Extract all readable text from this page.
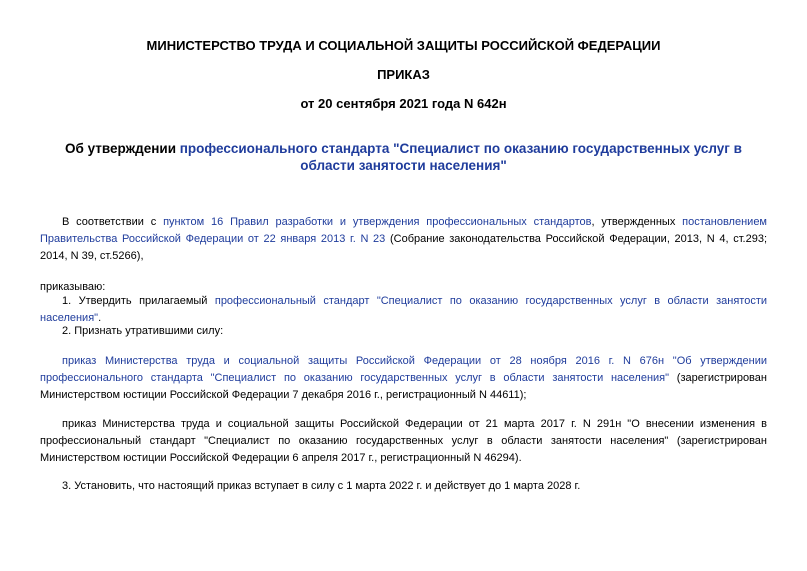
МИНИСТЕРСТВО ТРУДА И СОЦИАЛЬНОЙ ЗАЩИТЫ РОССИЙСКОЙ ФЕДЕРАЦИИ
ПРИКАЗ
от 20 сентября 2021 года N 642н
Об утверждении профессионального стандарта "Специалист по оказанию государственных услуг в области занятости населения"
В соответствии с пунктом 16 Правил разработки и утверждения профессиональных стандартов, утвержденных постановлением Правительства Российской Федерации от 22 января 2013 г. N 23 (Собрание законодательства Российской Федерации, 2013, N 4, ст.293; 2014, N 39, ст.5266),
приказываю:
1. Утвердить прилагаемый профессиональный стандарт "Специалист по оказанию государственных услуг в области занятости населения".
2. Признать утратившими силу:
приказ Министерства труда и социальной защиты Российской Федерации от 28 ноября 2016 г. N 676н "Об утверждении профессионального стандарта "Специалист по оказанию государственных услуг в области занятости населения" (зарегистрирован Министерством юстиции Российской Федерации 7 декабря 2016 г., регистрационный N 44611);
приказ Министерства труда и социальной защиты Российской Федерации от 21 марта 2017 г. N 291н "О внесении изменения в профессиональный стандарт "Специалист по оказанию государственных услуг в области занятости населения" (зарегистрирован Министерством юстиции Российской Федерации 6 апреля 2017 г., регистрационный N 46294).
3. Установить, что настоящий приказ вступает в силу с 1 марта 2022 г. и действует до 1 марта 2028 г.
